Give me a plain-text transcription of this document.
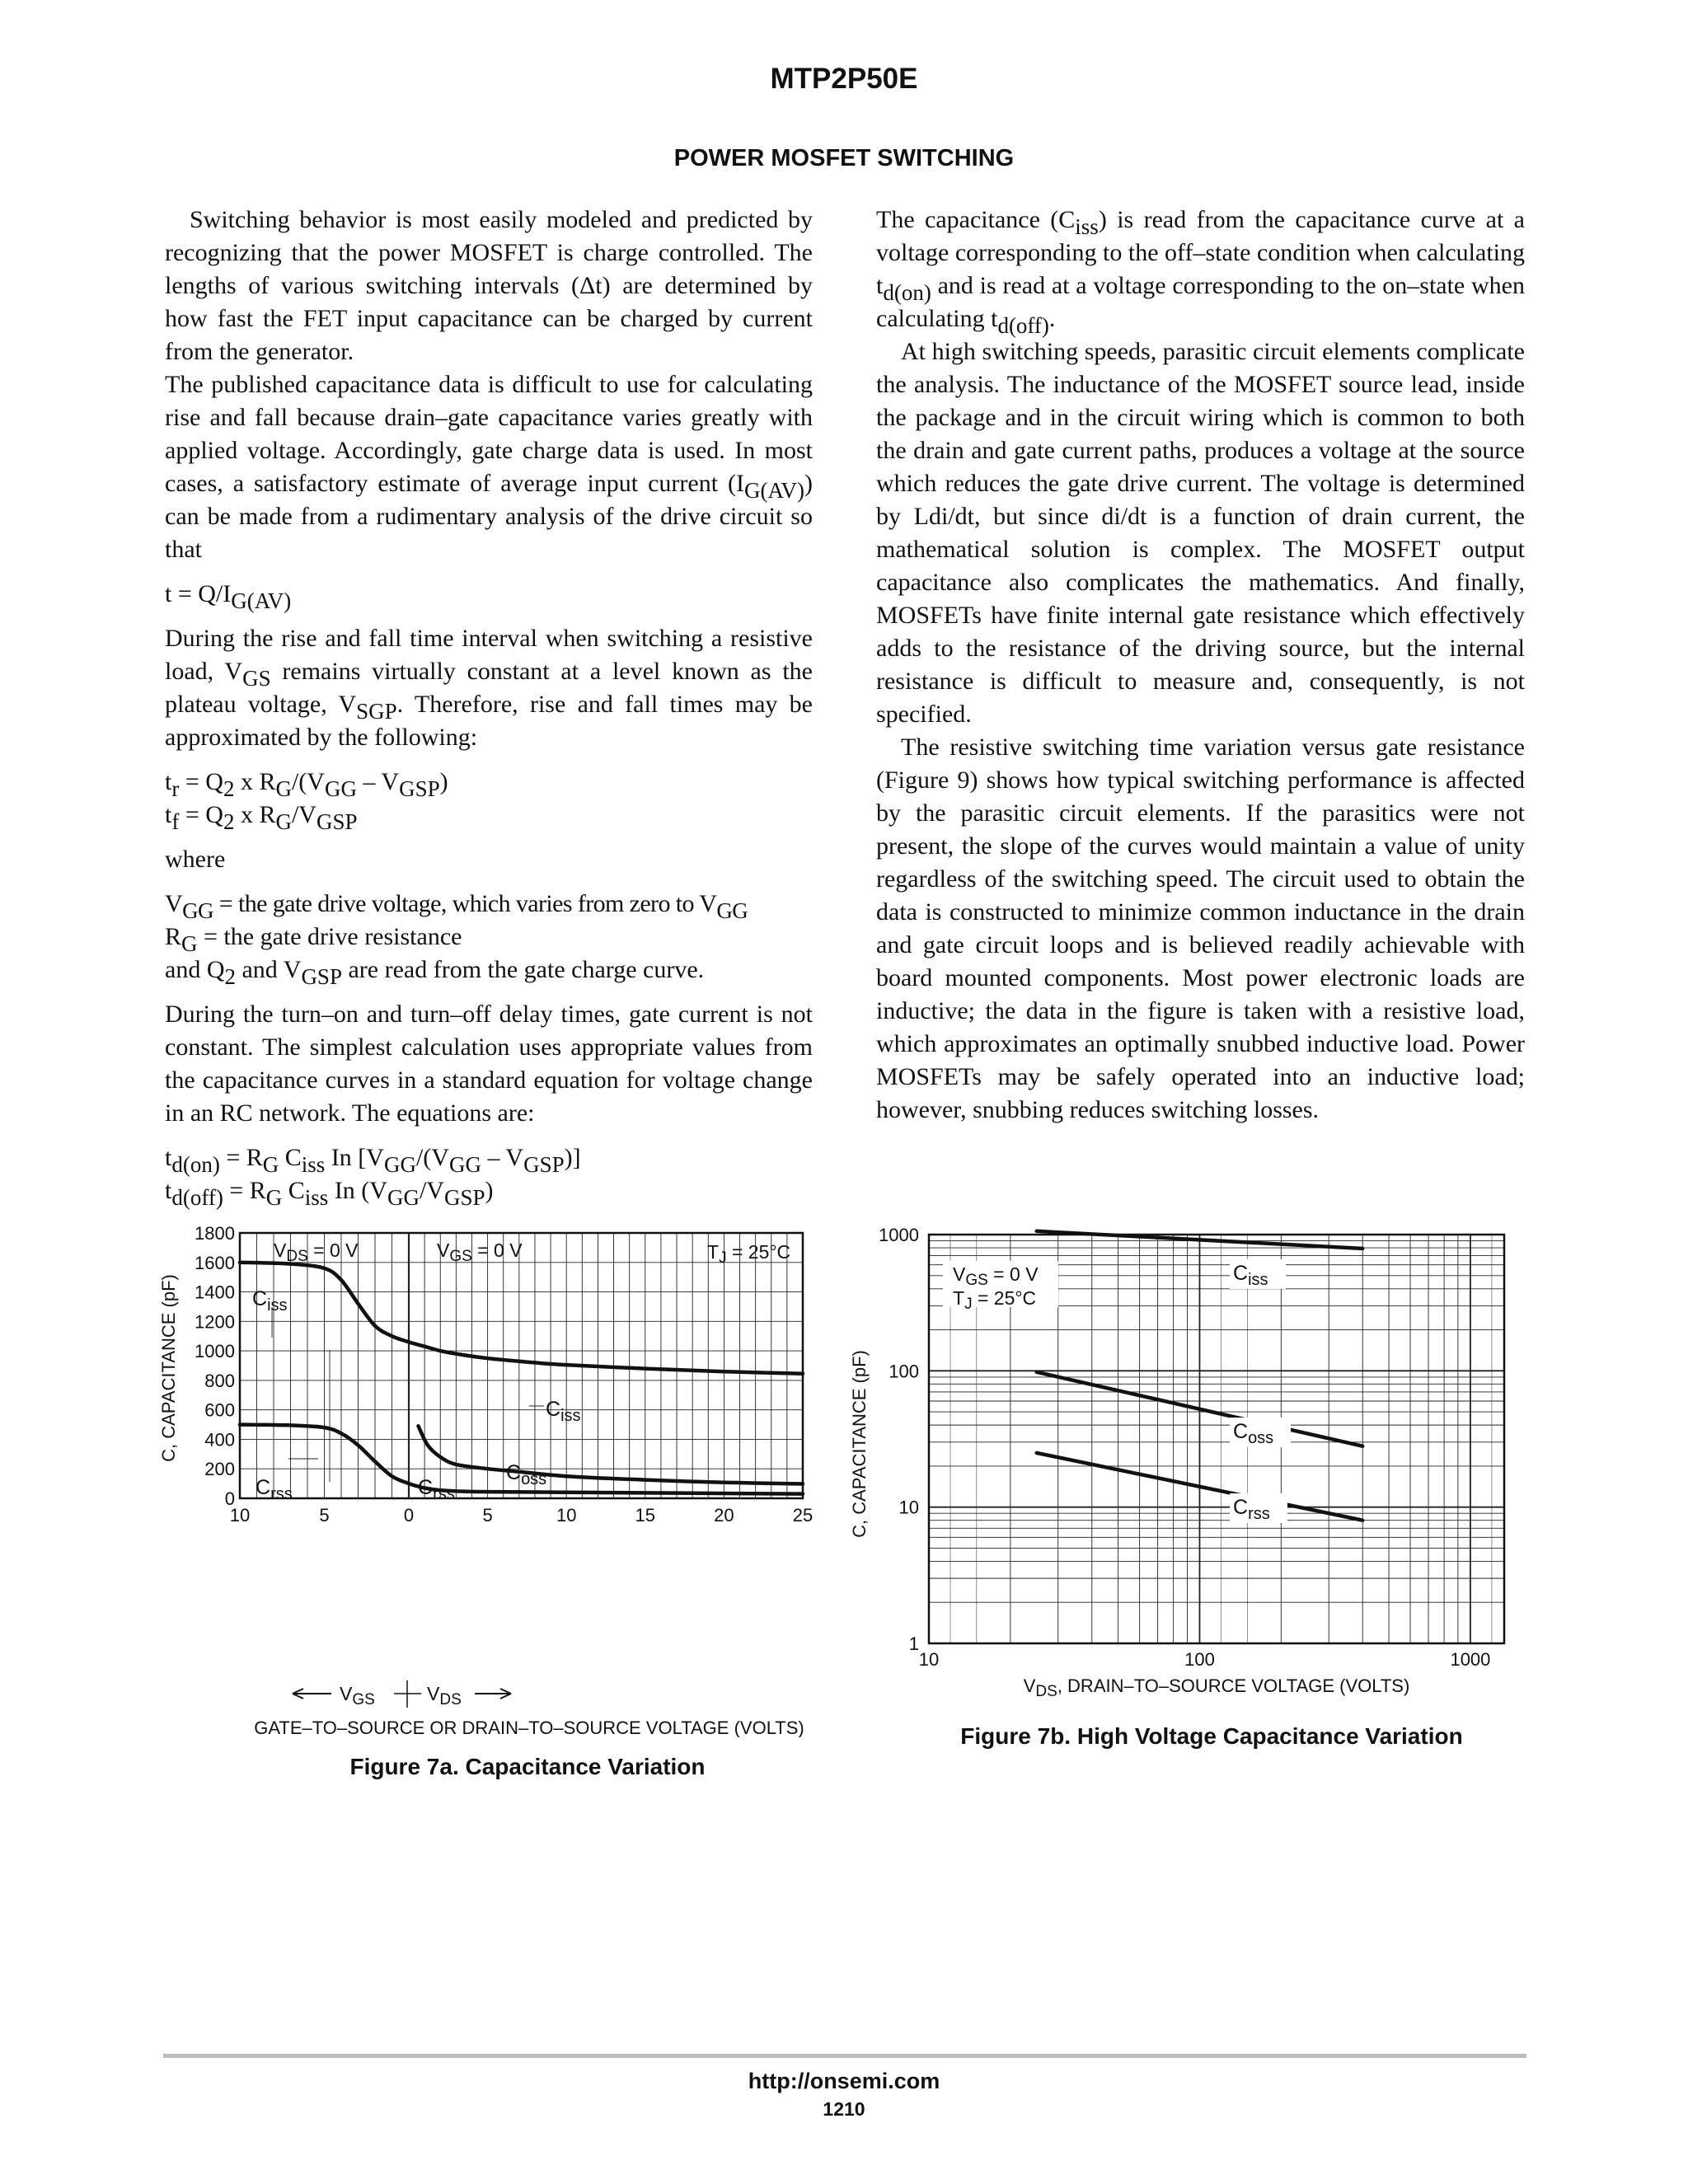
MTP2P50E
POWER MOSFET SWITCHING

Switching behavior is most easily modeled and predicted by recognizing that the power MOSFET is charge controlled. The lengths of various switching intervals (Δt) are determined by how fast the FET input capacitance can be charged by current from the generator.

The published capacitance data is difficult to use for calculating rise and fall because drain–gate capacitance varies greatly with applied voltage. Accordingly, gate charge data is used. In most cases, a satisfactory estimate of average input current $(I_{G(AV)})$ can be made from a rudimentary analysis of the drive circuit so that

$t = Q/I_{G(AV)}$

During the rise and fall time interval when switching a resistive load, $V_{GS}$ remains virtually constant at a level known as the plateau voltage, $V_{SGP}$. Therefore, rise and fall times may be approximated by the following:

$t_r = Q_2$ x $R_G/(V_{GG} - V_{GSP})$

$t_f = Q_2$ x $R_G/V_{GSP}$

where

$V_{GG}$ = the gate drive voltage, which varies from zero to $V_{GG}$

$R_G$ = the gate drive resistance

and $Q_2$ and $V_{GSP}$ are read from the gate charge curve.

During the turn–on and turn–off delay times, gate current is not constant. The simplest calculation uses appropriate values from the capacitance curves in a standard equation for voltage change in an RC network. The equations are:

$t_{d(on)} = R_G$ $C_{iss}$ In $[V_{GG}/(V_{GG} - V_{GSP})]$

$t_{d(off)} = R_G$ $C_{iss}$ In $(V_{GG}/V_{GSP})$

The capacitance $(C_{iss})$ is read from the capacitance curve at a voltage corresponding to the off–state condition when calculating $t_{d(on)}$ and is read at a voltage corresponding to the on–state when calculating $t_{d(off)}$.

At high switching speeds, parasitic circuit elements complicate the analysis. The inductance of the MOSFET source lead, inside the package and in the circuit wiring which is common to both the drain and gate current paths, produces a voltage at the source which reduces the gate drive current. The voltage is determined by Ldi/dt, but since di/dt is a function of drain current, the mathematical solution is complex. The MOSFET output capacitance also complicates the mathematics. And finally, MOSFETs have finite internal gate resistance which effectively adds to the resistance of the driving source, but the internal resistance is difficult to measure and, consequently, is not specified.

The resistive switching time variation versus gate resistance (Figure 9) shows how typical switching performance is affected by the parasitic circuit elements. If the parasitics were not present, the slope of the curves would maintain a value of unity regardless of the switching speed. The circuit used to obtain the data is constructed to minimize common inductance in the drain and gate circuit loops and is believed readily achievable with board mounted components. Most power electronic loads are inductive; the data in the figure is taken with a resistive load, which approximates an optimally snubbed inductive load. Power MOSFETs may be safely operated into an inductive load; however, snubbing reduces switching losses.

0
200
400
600
800
1000
1200
1400
1600
1800
10	5	0	5	10	15	20	25
$V_{DS} = 0$ V	$V_{GS} = 0$ V	$T_J = 25^\circ C$
$C_{iss}$
$C_{rss}$
$C_{iss}$
$C_{oss}$
$C_{rss}$
C, CAPACITANCE (pF)
$V_{GS}$	$V_{DS}$
GATE–TO–SOURCE OR DRAIN–TO–SOURCE VOLTAGE (VOLTS)
Figure 7a. Capacitance Variation
1
10
100
1000
10	100	1000
$V_{GS} = 0$ V
$T_J = 25^\circ C$
$C_{iss}$
$C_{oss}$
$C_{rss}$
C, CAPACITANCE (pF)
VDS, DRAIN–TO–SOURCE VOLTAGE (VOLTS)
Figure 7b. High Voltage Capacitance Variation
http://onsemi.com
1210
